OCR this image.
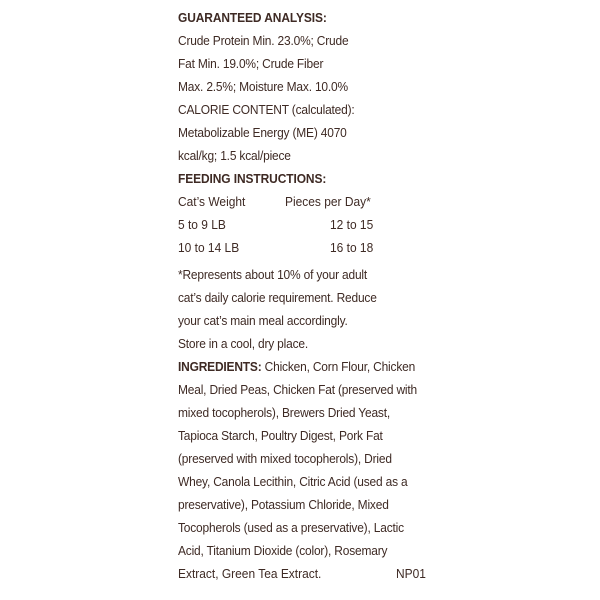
GUARANTEED ANALYSIS:
Crude Protein Min. 23.0%; Crude
Fat Min. 19.0%; Crude Fiber
Max. 2.5%; Moisture Max. 10.0%
CALORIE CONTENT (calculated):
Metabolizable Energy (ME) 4070
kcal/kg; 1.5 kcal/piece
FEEDING INSTRUCTIONS:
Cat’s Weight	Pieces per Day*
5 to 9 LB	12 to 15
10 to 14 LB	16 to 18
*Represents about 10% of your adult
cat’s daily calorie requirement. Reduce
your cat’s main meal accordingly.
Store in a cool, dry place.
INGREDIENTS: Chicken, Corn Flour, Chicken
Meal, Dried Peas, Chicken Fat (preserved with
mixed tocopherols), Brewers Dried Yeast,
Tapioca Starch, Poultry Digest, Pork Fat
(preserved with mixed tocopherols), Dried
Whey, Canola Lecithin, Citric Acid (used as a
preservative), Potassium Chloride, Mixed
Tocopherols (used as a preservative), Lactic
Acid, Titanium Dioxide (color), Rosemary
Extract, Green Tea Extract.	NP01
